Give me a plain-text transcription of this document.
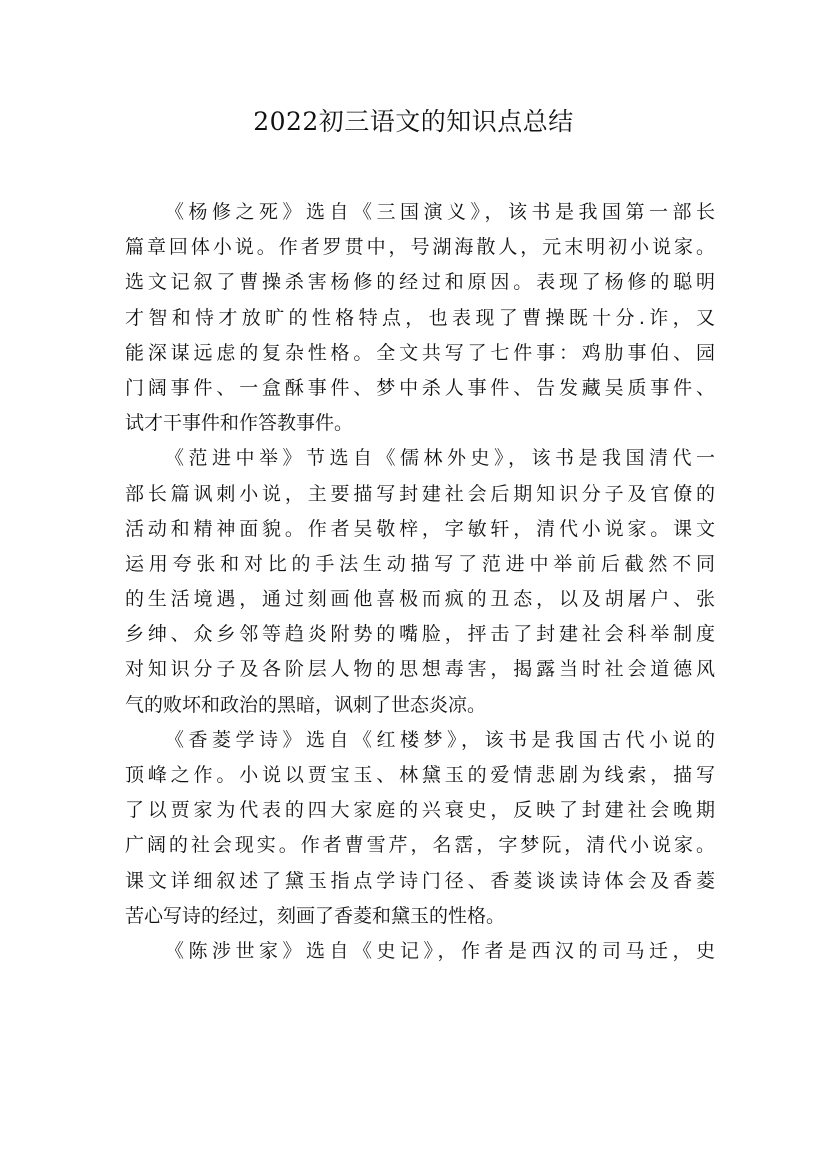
2022初三语文的知识点总结
《杨修之死》选自《三国演义》，该书是我国第一部长
篇章回体小说。作者罗贯中，号湖海散人，元末明初小说家。
选文记叙了曹操杀害杨修的经过和原因。表现了杨修的聪明
才智和恃才放旷的性格特点，也表现了曹操既十分.诈，又
能深谋远虑的复杂性格。全文共写了七件事：鸡肋事伯、园
门阔事件、一盒酥事件、梦中杀人事件、告发藏吴质事件、
试才干事件和作答教事件。
《范进中举》节选自《儒林外史》，该书是我国清代一
部长篇讽刺小说，主要描写封建社会后期知识分子及官僚的
活动和精神面貌。作者吴敬梓，字敏轩，清代小说家。课文
运用夸张和对比的手法生动描写了范进中举前后截然不同
的生活境遇，通过刻画他喜极而疯的丑态，以及胡屠户、张
乡绅、众乡邻等趋炎附势的嘴脸，抨击了封建社会科举制度
对知识分子及各阶层人物的思想毒害，揭露当时社会道德风
气的败坏和政治的黑暗，讽刺了世态炎凉。
《香菱学诗》选自《红楼梦》，该书是我国古代小说的
顶峰之作。小说以贾宝玉、林黛玉的爱情悲剧为线索，描写
了以贾家为代表的四大家庭的兴衰史，反映了封建社会晚期
广阔的社会现实。作者曹雪芹，名霑，字梦阮，清代小说家。
课文详细叙述了黛玉指点学诗门径、香菱谈读诗体会及香菱
苦心写诗的经过，刻画了香菱和黛玉的性格。
《陈涉世家》选自《史记》，作者是西汉的司马迁，史
